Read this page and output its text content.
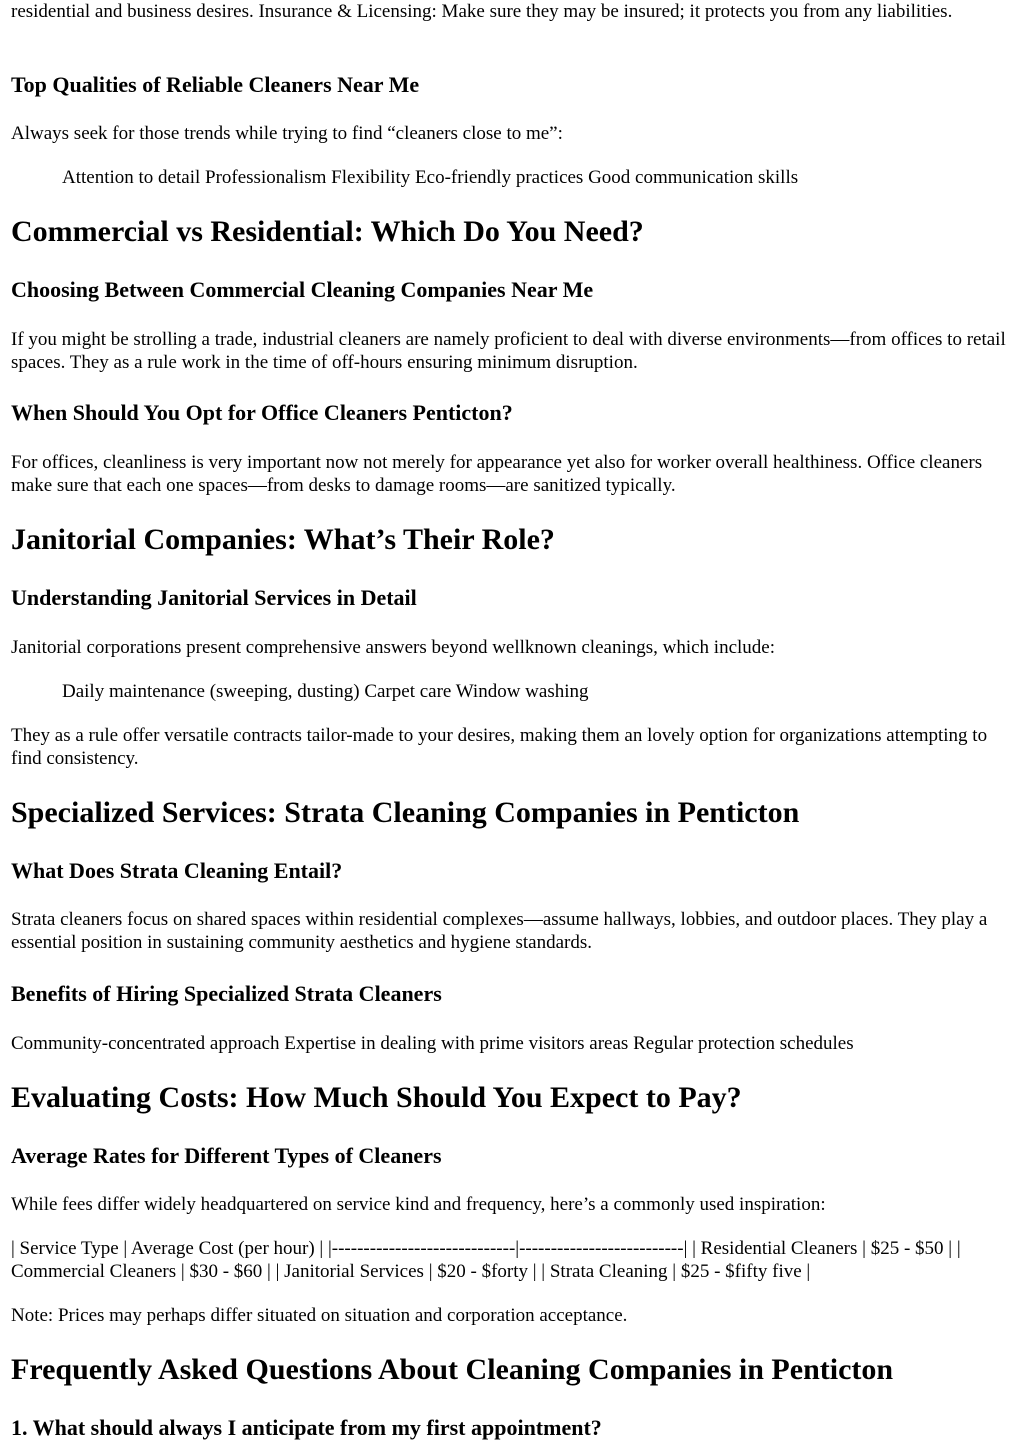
residential and business desires. Insurance & Licensing: Make sure they may be insured; it protects you from any liabilities.

Top Qualities of Reliable Cleaners Near Me

Always seek for those trends while trying to find “cleaners close to me”:

Attention to detail Professionalism Flexibility Eco-friendly practices Good communication skills

Commercial vs Residential: Which Do You Need?
Choosing Between Commercial Cleaning Companies Near Me

If you might be strolling a trade, industrial cleaners are namely proficient to deal with diverse environments—from offices to retail spaces. They as a rule work in the time of off-hours ensuring minimum disruption.

When Should You Opt for Office Cleaners Penticton?

For offices, cleanliness is very important now not merely for appearance yet also for worker overall healthiness. Office cleaners make sure that each one spaces—from desks to damage rooms—are sanitized typically.

Janitorial Companies: What’s Their Role?
Understanding Janitorial Services in Detail

Janitorial corporations present comprehensive answers beyond wellknown cleanings, which include:

Daily maintenance (sweeping, dusting) Carpet care Window washing

They as a rule offer versatile contracts tailor-made to your desires, making them an lovely option for organizations attempting to find consistency.

Specialized Services: Strata Cleaning Companies in Penticton
What Does Strata Cleaning Entail?

Strata cleaners focus on shared spaces within residential complexes—assume hallways, lobbies, and outdoor places. They play a essential position in sustaining community aesthetics and hygiene standards.

Benefits of Hiring Specialized Strata Cleaners

Community-concentrated approach Expertise in dealing with prime visitors areas Regular protection schedules

Evaluating Costs: How Much Should You Expect to Pay?
Average Rates for Different Types of Cleaners

While fees differ widely headquartered on service kind and frequency, here’s a commonly used inspiration:

| Service Type | Average Cost (per hour) | |-----------------------------|--------------------------| | Residential Cleaners | $25 - $50 | | Commercial Cleaners | $30 - $60 | | Janitorial Services | $20 - $forty | | Strata Cleaning | $25 - $fifty five |

Note: Prices may perhaps differ situated on situation and corporation acceptance.

Frequently Asked Questions About Cleaning Companies in Penticton
1. What should always I anticipate from my first appointment?
